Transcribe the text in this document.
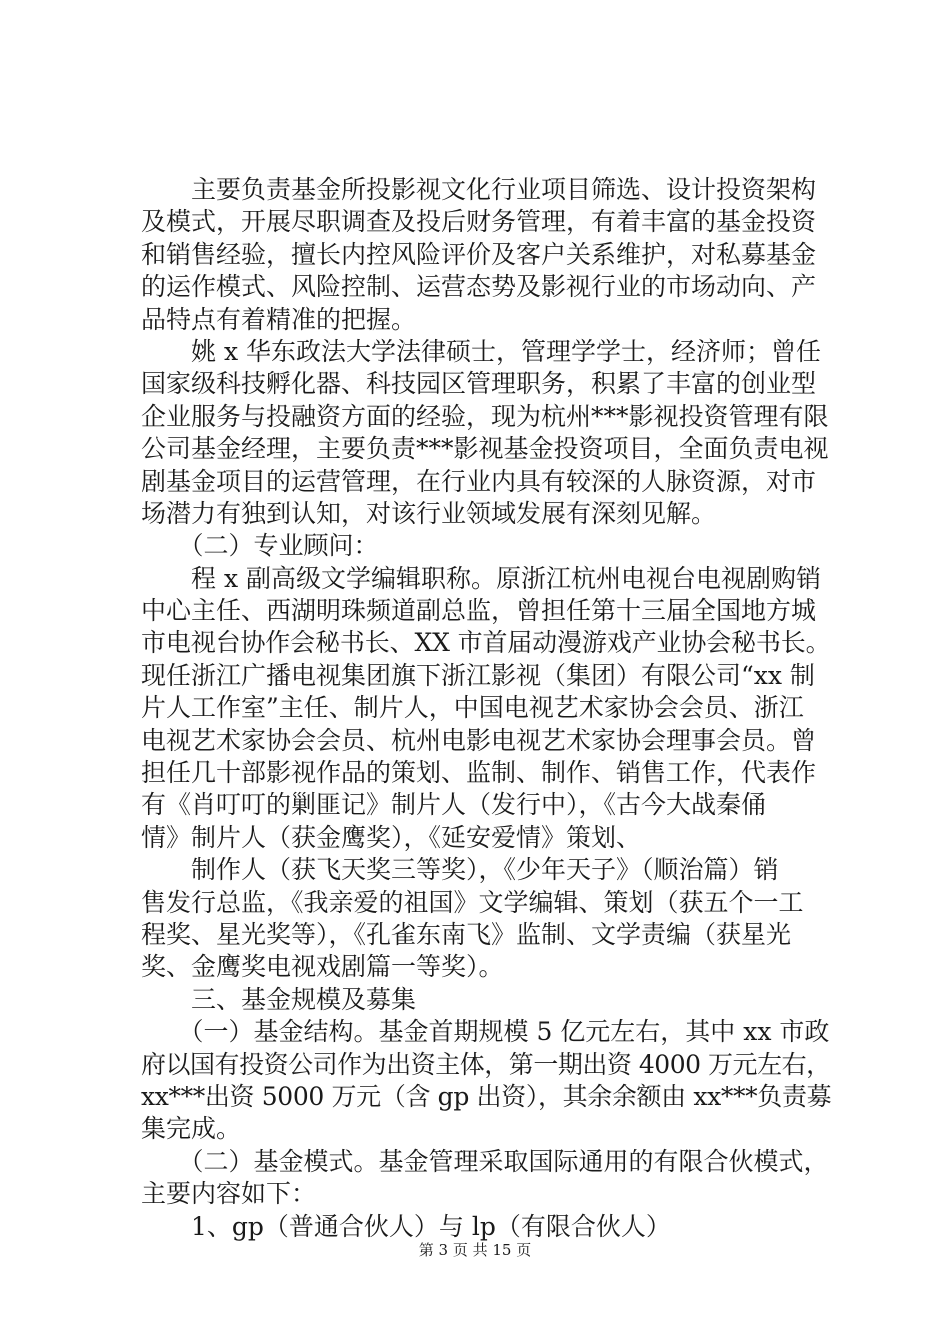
　　主要负责基金所投影视文化行业项目筛选、设计投资架构
及模式，开展尽职调查及投后财务管理，有着丰富的基金投资
和销售经验，擅长内控风险评价及客户关系维护，对私募基金
的运作模式、风险控制、运营态势及影视行业的市场动向、产
品特点有着精准的把握。
　　姚 x 华东政法大学法律硕士，管理学学士，经济师；曾任
国家级科技孵化器、科技园区管理职务，积累了丰富的创业型
企业服务与投融资方面的经验，现为杭州***影视投资管理有限
公司基金经理，主要负责***影视基金投资项目，全面负责电视
剧基金项目的运营管理，在行业内具有较深的人脉资源，对市
场潜力有独到认知，对该行业领域发展有深刻见解。
　　（二）专业顾问：
　　程 x 副高级文学编辑职称。原浙江杭州电视台电视剧购销
中心主任、西湖明珠频道副总监，曾担任第十三届全国地方城
市电视台协作会秘书长、XX 市首届动漫游戏产业协会秘书长。
现任浙江广播电视集团旗下浙江影视（集团）有限公司“xx 制
片人工作室”主任、制片人，中国电视艺术家协会会员、浙江
电视艺术家协会会员、杭州电影电视艺术家协会理事会员。曾
担任几十部影视作品的策划、监制、制作、销售工作，代表作
有《肖叮叮的剿匪记》制片人（发行中），《古今大战秦俑
情》制片人（获金鹰奖），《延安爱情》策划、
　　制作人（获飞天奖三等奖），《少年天子》（顺治篇）销
售发行总监，《我亲爱的祖国》文学编辑、策划（获五个一工
程奖、星光奖等），《孔雀东南飞》监制、文学责编（获星光
奖、金鹰奖电视戏剧篇一等奖）。
　　三、基金规模及募集
　　（一）基金结构。基金首期规模 5 亿元左右，其中 xx 市政
府以国有投资公司作为出资主体，第一期出资 4000 万元左右，
xx***出资 5000 万元（含 gp 出资），其余余额由 xx***负责募
集完成。
　　（二）基金模式。基金管理采取国际通用的有限合伙模式，
主要内容如下：
　　1、gp（普通合伙人）与 lp（有限合伙人）
第 3 页 共 15 页
